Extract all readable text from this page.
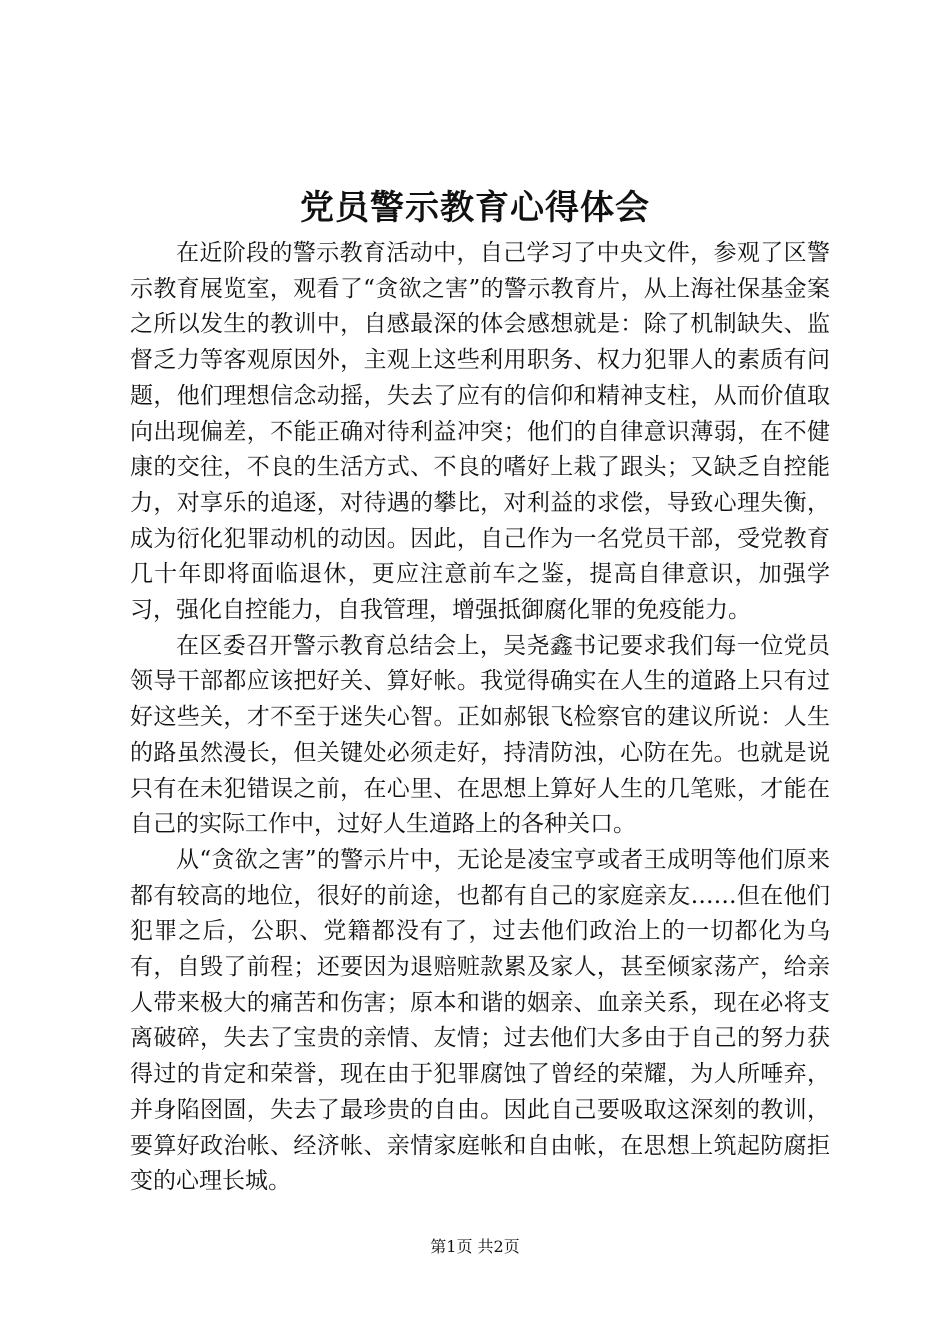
党员警示教育心得体会

在近阶段的警示教育活动中，自己学习了中央文件，参观了区警示教育展览室，观看了“贪欲之害”的警示教育片，从上海社保基金案之所以发生的教训中，自感最深的体会感想就是：除了机制缺失、监督乏力等客观原因外，主观上这些利用职务、权力犯罪人的素质有问题，他们理想信念动摇，失去了应有的信仰和精神支柱，从而价值取向出现偏差，不能正确对待利益冲突；他们的自律意识薄弱，在不健康的交往，不良的生活方式、不良的嗜好上栽了跟头；又缺乏自控能力，对享乐的追逐，对待遇的攀比，对利益的求偿，导致心理失衡，成为衍化犯罪动机的动因。因此，自己作为一名党员干部，受党教育几十年即将面临退休，更应注意前车之鉴，提高自律意识，加强学习，强化自控能力，自我管理，增强抵御腐化罪的免疫能力。

在区委召开警示教育总结会上，吴尧鑫书记要求我们每一位党员领导干部都应该把好关、算好帐。我觉得确实在人生的道路上只有过好这些关，才不至于迷失心智。正如郝银飞检察官的建议所说：人生的路虽然漫长，但关键处必须走好，持清防浊，心防在先。也就是说只有在未犯错误之前，在心里、在思想上算好人生的几笔账，才能在自己的实际工作中，过好人生道路上的各种关口。

从“贪欲之害”的警示片中，无论是凌宝亨或者王成明等他们原来都有较高的地位，很好的前途，也都有自己的家庭亲友……但在他们犯罪之后，公职、党籍都没有了，过去他们政治上的一切都化为乌有，自毁了前程；还要因为退赔赃款累及家人，甚至倾家荡产，给亲人带来极大的痛苦和伤害；原本和谐的姻亲、血亲关系，现在必将支离破碎，失去了宝贵的亲情、友情；过去他们大多由于自己的努力获得过的肯定和荣誉，现在由于犯罪腐蚀了曾经的荣耀，为人所唾弃，并身陷囹圄，失去了最珍贵的自由。因此自己要吸取这深刻的教训，要算好政治帐、经济帐、亲情家庭帐和自由帐，在思想上筑起防腐拒变的心理长城。

第1页 共2页
